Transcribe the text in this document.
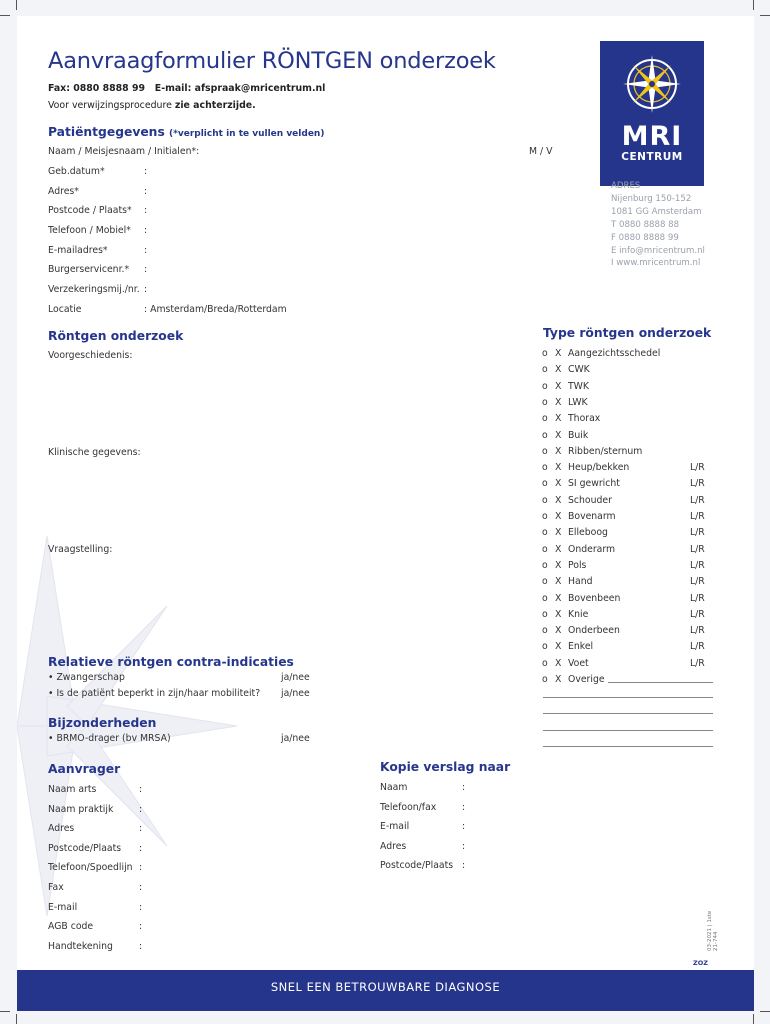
Aanvraagformulier RÖNTGEN onderzoek
Fax: 0880 8888 99 E-mail: afspraak@mricentrum.nl
Voor verwijzingsprocedure zie achterzijde.
MRI
CENTRUM
ADRES
Nijenburg 150-152
1081 GG Amsterdam
T 0880 8888 88
F 0880 8888 99
E info@mricentrum.nl
I www.mricentrum.nl
Patiëntgegevens (*verplicht in te vullen velden)
M / V
Naam / Meisjesnaam / Initialen*:
Geb.datum*	:
Adres*	:
Postcode / Plaats* :
Telefoon / Mobiel* :
E-mailadres*	:
Burgerservicenr.* :
Verzekeringsmij./nr. :
Locatie	: Amsterdam/Breda/Rotterdam
Röntgen onderzoek
Voorgeschiedenis:
Klinische gegevens:
Vraagstelling:
Type röntgen onderzoek
o X Aangezichtsschedel
o X CWK
o X TWK
o X LWK
o X Thorax
o X Buik
o X Ribben/sternum
o X Heup/bekken	L/R
o X SI gewricht	L/R
o X Schouder	L/R
o X Bovenarm	L/R
o X Elleboog	L/R
o X Onderarm	L/R
o X Pols	L/R
o X Hand	L/R
o X Bovenbeen	L/R
o X Knie	L/R
o X Onderbeen	L/R
o X Enkel	L/R
o X Voet	L/R
o X Overige
Relatieve röntgen contra-indicaties
• Zwangerschap	ja/nee
• Is de patiënt beperkt in zijn/haar mobiliteit? ja/nee
Bijzonderheden
• BRMO-drager (bv MRSA)	ja/nee
Aanvrager
Naam arts	:
Naam praktijk	:
Adres	:
Postcode/Plaats :
Telefoon/Spoedlijn :
Fax	:
E-mail	:
AGB code	:
Handtekening	:
Kopie verslag naar
Naam	:
Telefoon/fax	:
E-mail	:
Adres	:
Postcode/Plaats :
03-2021 | 1ste 21-744
ZOZ
SNEL EEN BETROUWBARE DIAGNOSE
